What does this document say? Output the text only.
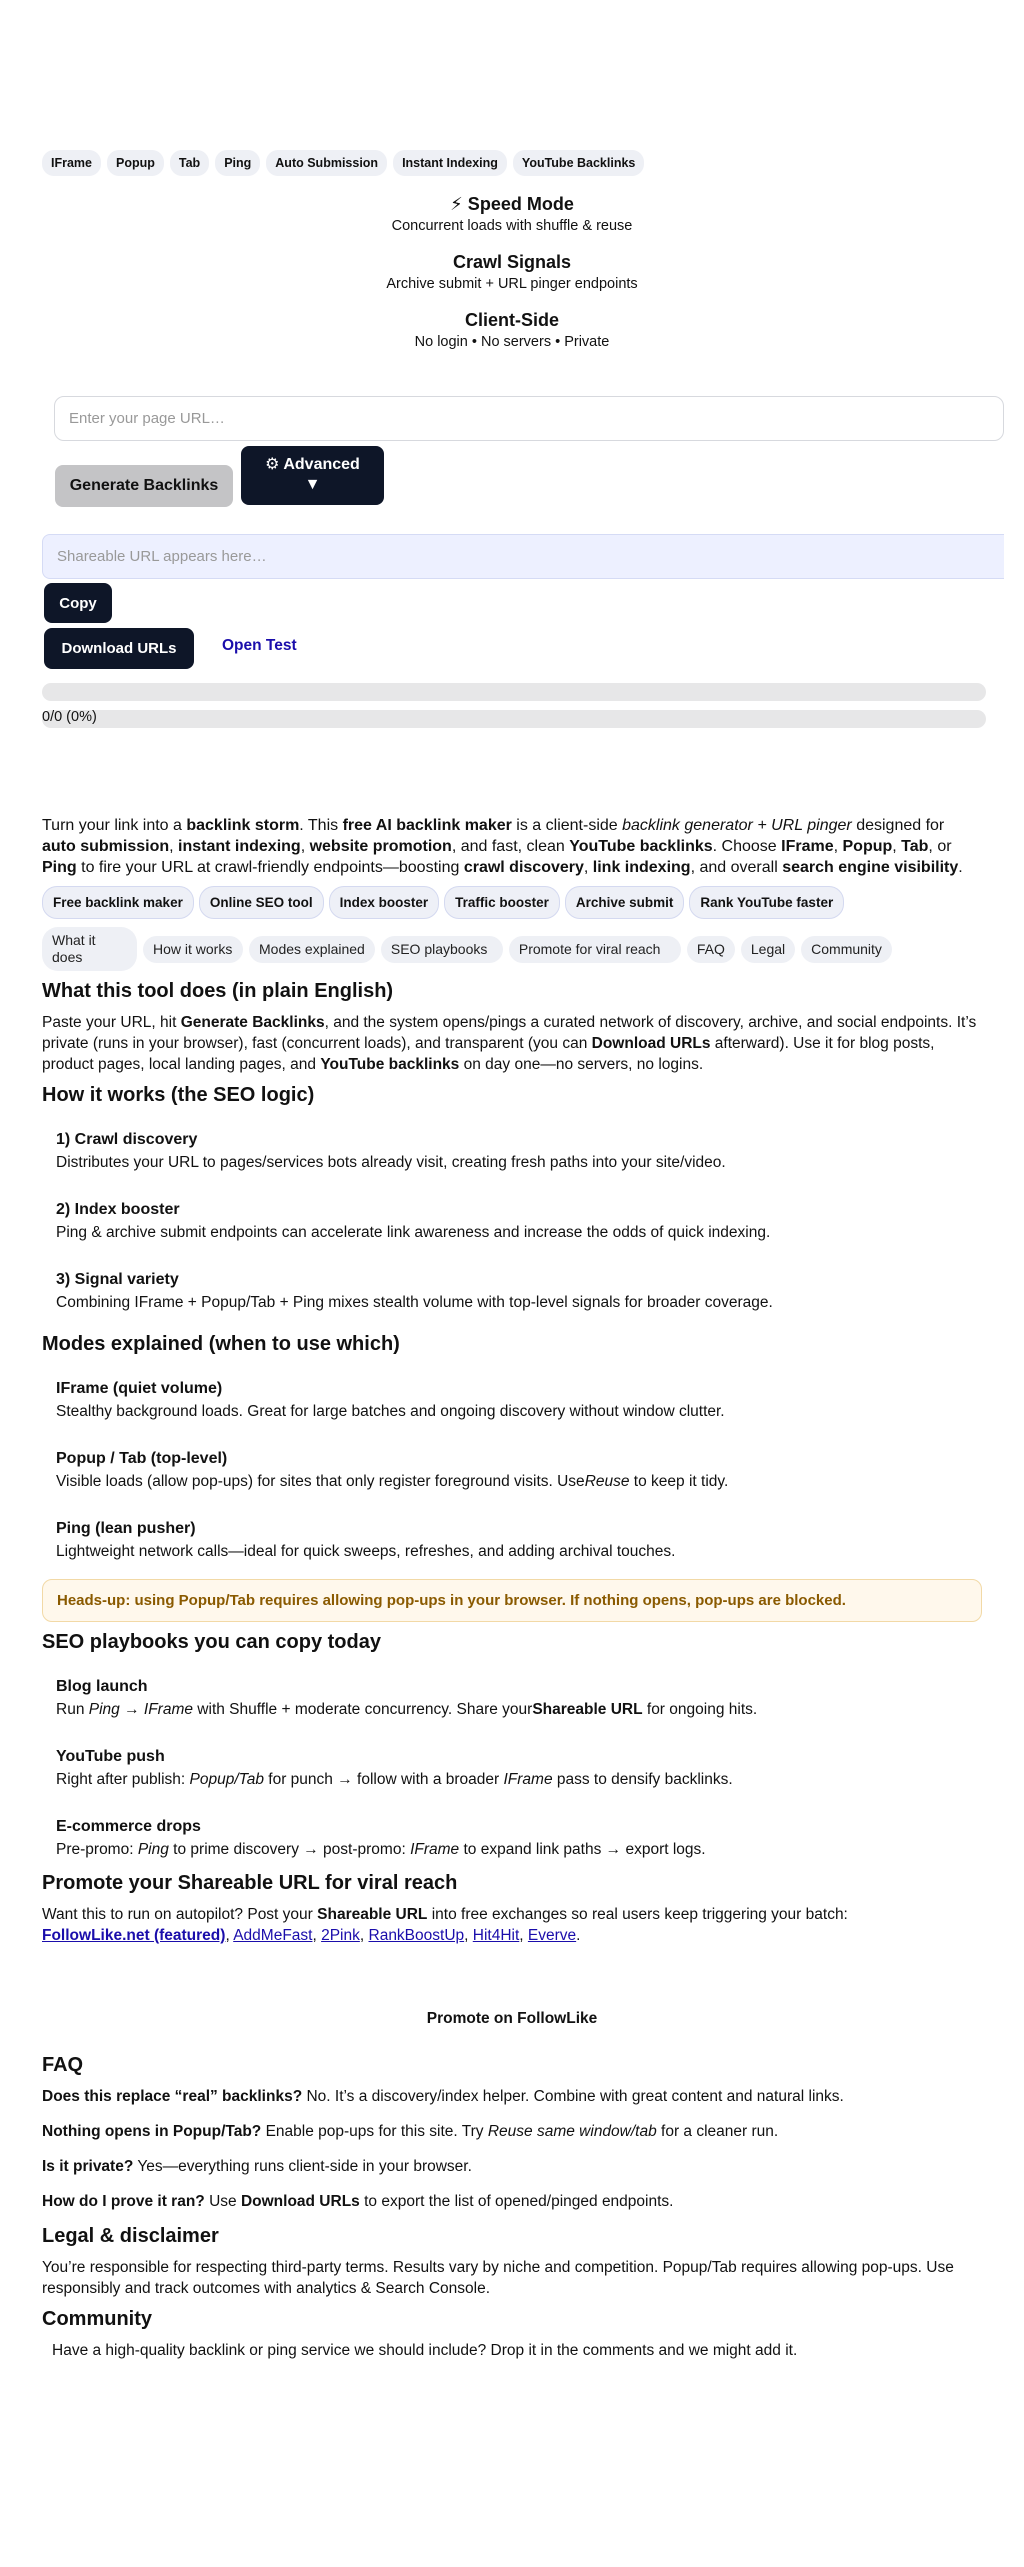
IFrame	Popup	Tab	Ping	Auto Submission	Instant Indexing	YouTube Backlinks
⚡ Speed Mode
Concurrent loads with shuffle & reuse
Crawl Signals
Archive submit + URL pinger endpoints
Client-Side
No login • No servers • Private
Enter your page URL…
Generate Backlinks
⚙ Advanced
▼
Shareable URL appears here…
Copy
Download URLs	Open Test
0/0 (0%)

Turn your link into a backlink storm. This free AI backlink maker is a client-side backlink generator + URL pinger designed for auto submission, instant indexing, website promotion, and fast, clean YouTube backlinks. Choose IFrame, Popup, Tab, or Ping to fire your URL at crawl-friendly endpoints—boosting crawl discovery, link indexing, and overall search engine visibility.

Free backlink maker	Online SEO tool	Index booster	Traffic booster	Archive submit	Rank YouTube faster
What it does
How it works	Modes explained	SEO playbooks	Promote for viral reach	FAQ	Legal	Community
What this tool does (in plain English)

Paste your URL, hit Generate Backlinks, and the system opens/pings a curated network of discovery, archive, and social endpoints. It’s private (runs in your browser), fast (concurrent loads), and transparent (you can Download URLs afterward). Use it for blog posts, product pages, local landing pages, and YouTube backlinks on day one—no servers, no logins.

How it works (the SEO logic)
1) Crawl discovery
Distributes your URL to pages/services bots already visit, creating fresh paths into your site/video.
2) Index booster
Ping & archive submit endpoints can accelerate link awareness and increase the odds of quick indexing.
3) Signal variety
Combining IFrame + Popup/Tab + Ping mixes stealth volume with top-level signals for broader coverage.
Modes explained (when to use which)
IFrame (quiet volume)
Stealthy background loads. Great for large batches and ongoing discovery without window clutter.
Popup / Tab (top-level)
Visible loads (allow pop-ups) for sites that only register foreground visits. UseReuse to keep it tidy.
Ping (lean pusher)
Lightweight network calls—ideal for quick sweeps, refreshes, and adding archival touches.
Heads-up: using Popup/Tab requires allowing pop-ups in your browser. If nothing opens, pop-ups are blocked.
SEO playbooks you can copy today
Blog launch
Run Ping → IFrame with Shuffle + moderate concurrency. Share yourShareable URL for ongoing hits.
YouTube push
Right after publish: Popup/Tab for punch → follow with a broader IFrame pass to densify backlinks.
E-commerce drops
Pre-promo: Ping to prime discovery → post-promo: IFrame to expand link paths → export logs.
Promote your Shareable URL for viral reach

Want this to run on autopilot? Post your Shareable URL into free exchanges so real users keep triggering your batch:
FollowLike.net (featured), AddMeFast, 2Pink, RankBoostUp, Hit4Hit, Everve.

Promote on FollowLike
FAQ

Does this replace “real” backlinks? No. It’s a discovery/index helper. Combine with great content and natural links.

Nothing opens in Popup/Tab? Enable pop-ups for this site. Try Reuse same window/tab for a cleaner run.

Is it private? Yes—everything runs client-side in your browser.

How do I prove it ran? Use Download URLs to export the list of opened/pinged endpoints.

Legal & disclaimer

You’re responsible for respecting third-party terms. Results vary by niche and competition. Popup/Tab requires allowing pop-ups. Use responsibly and track outcomes with analytics & Search Console.

Community

Have a high-quality backlink or ping service we should include? Drop it in the comments and we might add it.
